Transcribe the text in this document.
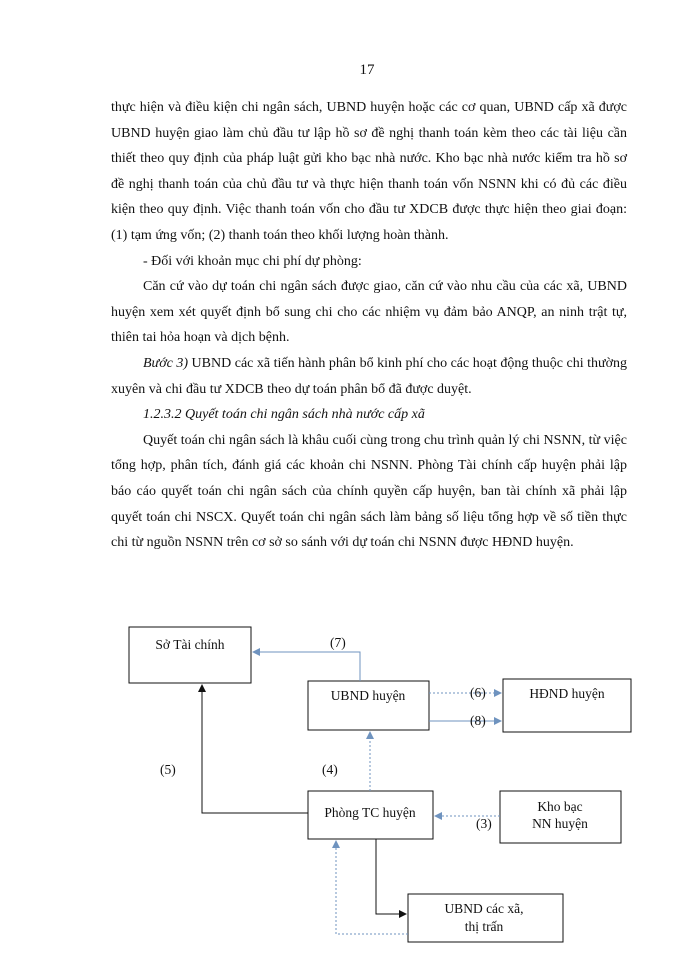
17

thực hiện và điều kiện chi ngân sách, UBND huyện hoặc các cơ quan, UBND cấp xã được UBND huyện giao làm chủ đầu tư lập hồ sơ đề nghị thanh toán kèm theo các tài liệu cần thiết theo quy định của pháp luật gửi kho bạc nhà nước. Kho bạc nhà nước kiểm tra hồ sơ đề nghị thanh toán của chủ đầu tư và thực hiện thanh toán vốn NSNN khi có đủ các điều kiện theo quy định. Việc thanh toán vốn cho đầu tư XDCB được thực hiện theo giai đoạn: (1) tạm ứng vốn; (2) thanh toán theo khối lượng hoàn thành.

- Đối với khoản mục chi phí dự phòng:

Căn cứ vào dự toán chi ngân sách được giao, căn cứ vào nhu cầu của các xã, UBND huyện xem xét quyết định bổ sung chi cho các nhiệm vụ đảm bảo ANQP, an ninh trật tự, thiên tai hỏa hoạn và dịch bệnh.

Bước 3) UBND các xã tiến hành phân bổ kinh phí cho các hoạt động thuộc chi thường xuyên và chi đầu tư XDCB theo dự toán phân bổ đã được duyệt.

1.2.3.2 Quyết toán chi ngân sách nhà nước cấp xã

Quyết toán chi ngân sách là khâu cuối cùng trong chu trình quản lý chi NSNN, từ việc tổng hợp, phân tích, đánh giá các khoản chi NSNN. Phòng Tài chính cấp huyện phải lập báo cáo quyết toán chi ngân sách của chính quyền cấp huyện, ban tài chính xã phải lập quyết toán chi NSCX. Quyết toán chi ngân sách làm bảng số liệu tổng hợp về số tiền thực chi từ nguồn NSNN trên cơ sở so sánh với dự toán chi NSNN được HĐND huyện.

Sở Tài chính
UBND huyện	HĐND huyện
Phòng TC huyện	Kho bạc
NN huyện
UBND các xã,
thị trấn
(7)
(6)
(8)
(4)
(5)
(3)
